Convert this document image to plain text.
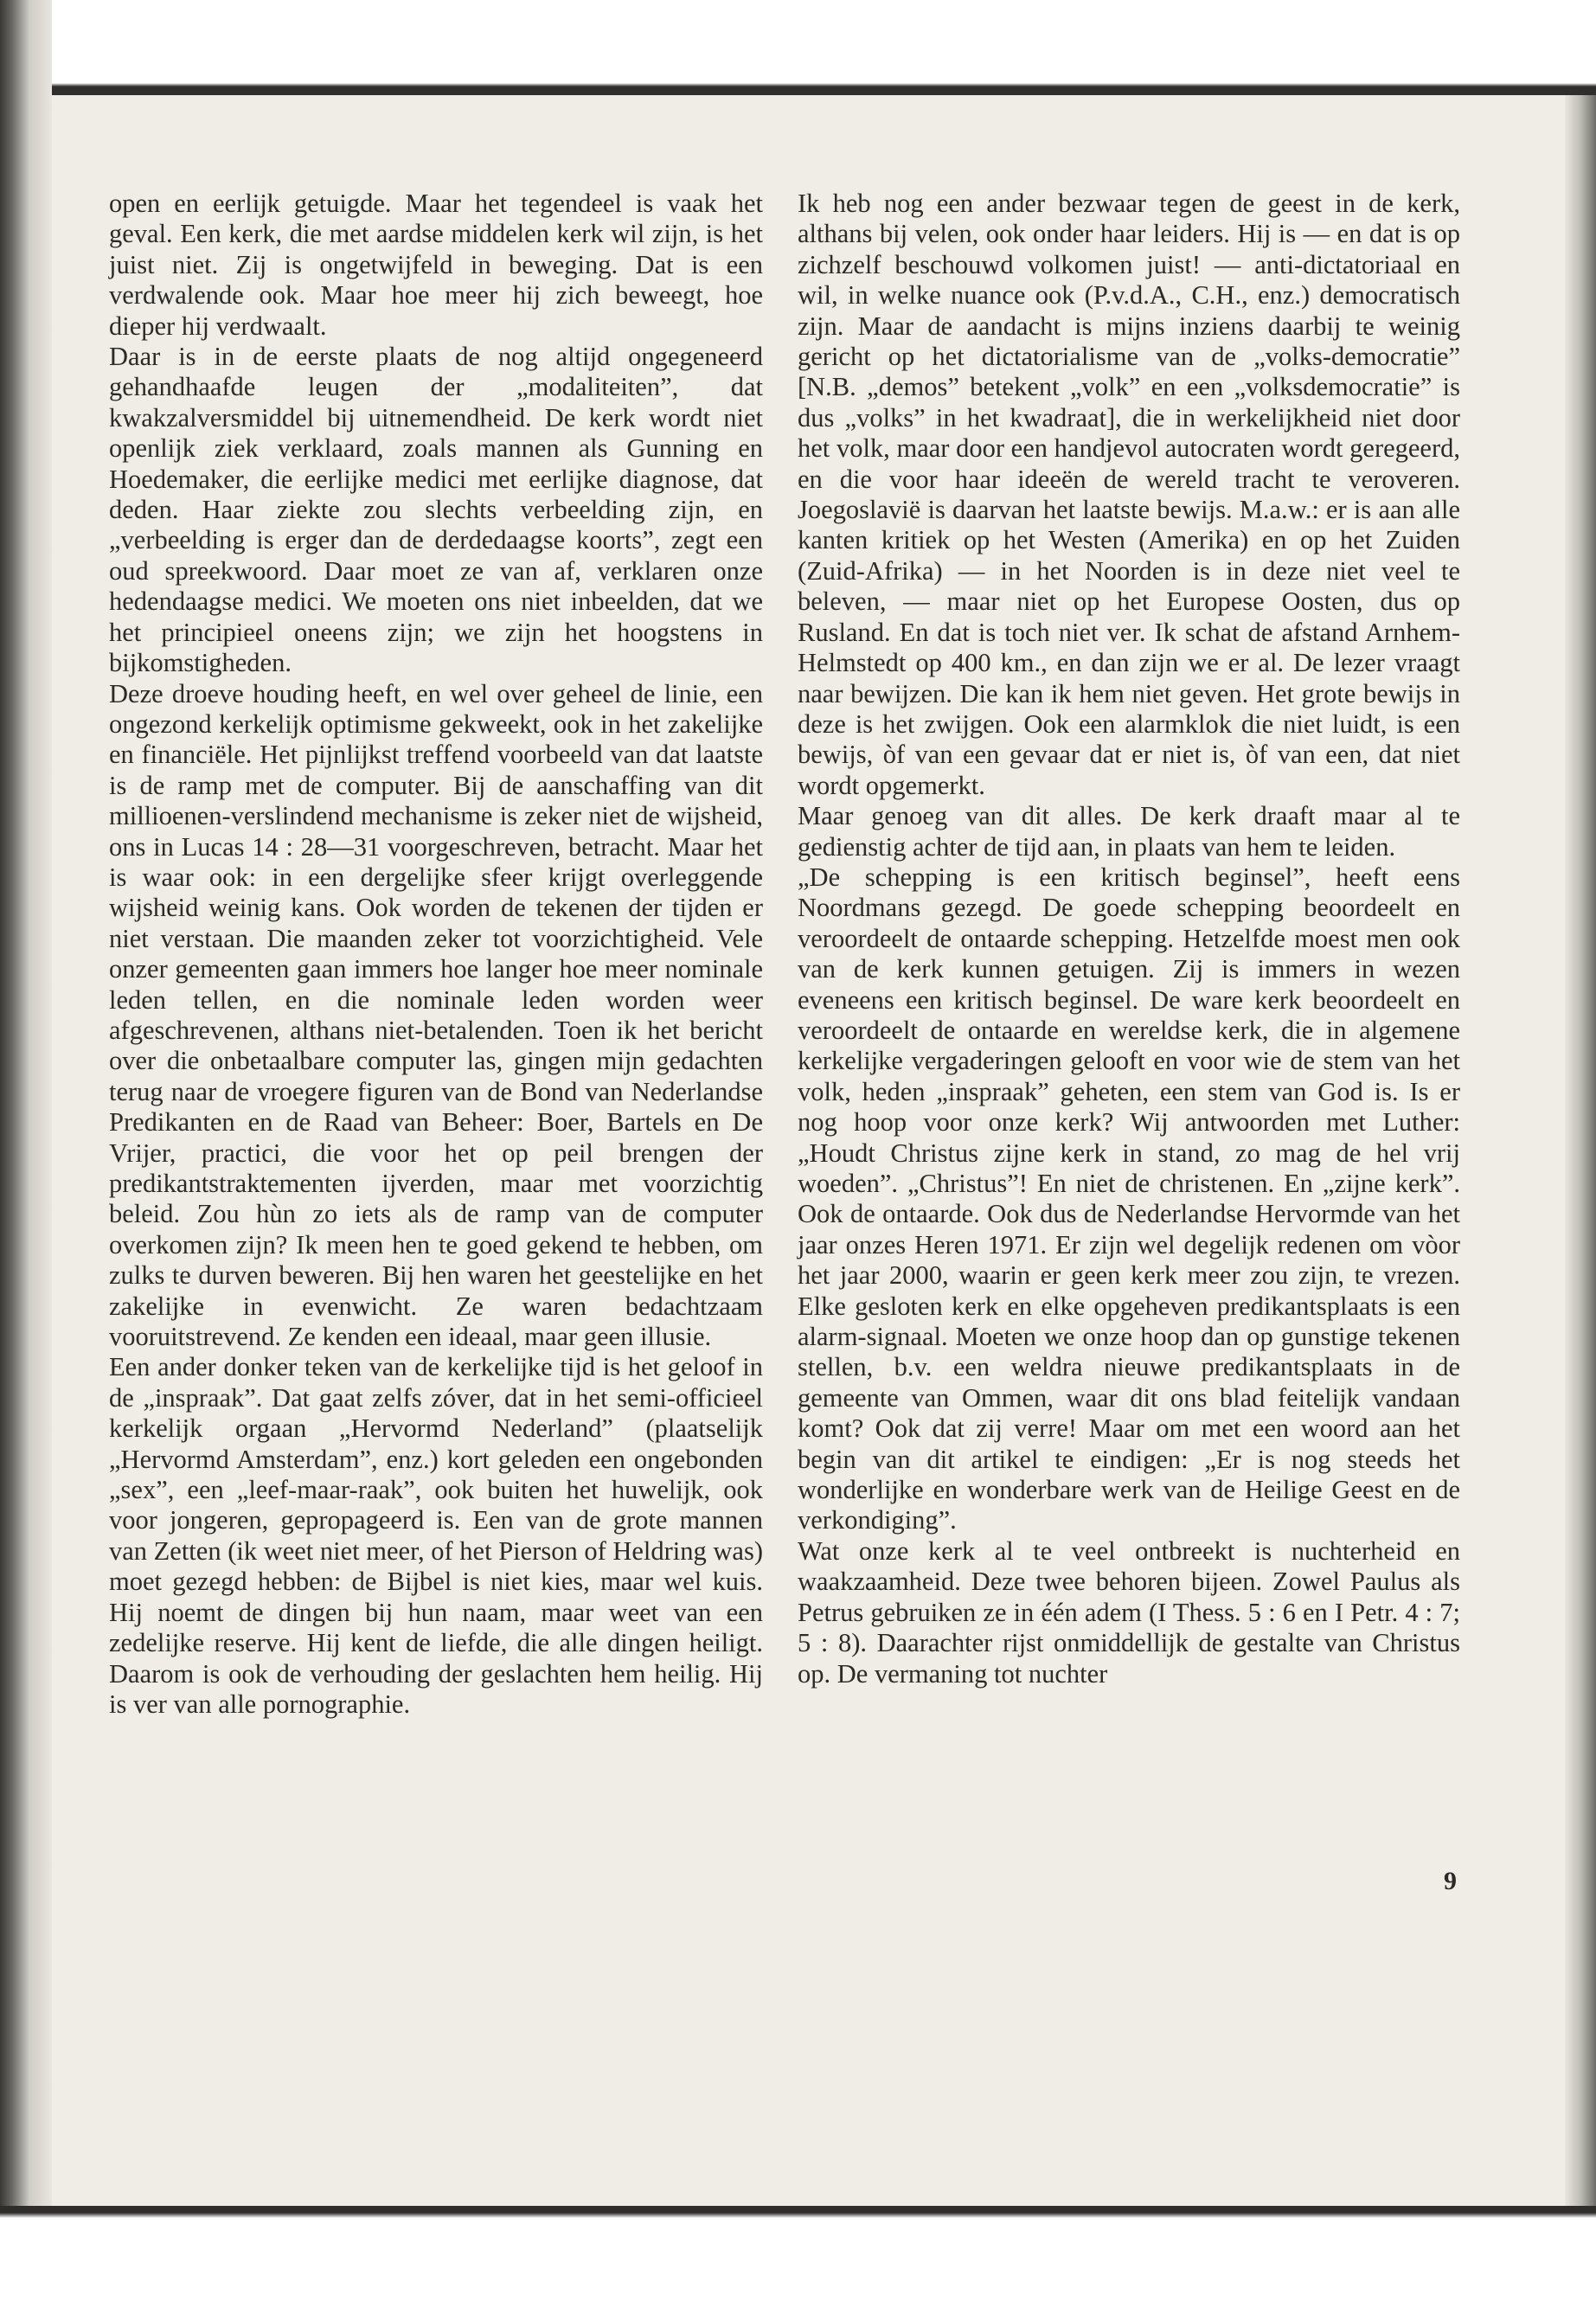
open en eerlijk getuigde. Maar het tegendeel is vaak het geval. Een kerk, die met aardse middelen kerk wil zijn, is het juist niet. Zij is ongetwijfeld in beweging. Dat is een verdwalende ook. Maar hoe meer hij zich beweegt, hoe dieper hij verdwaalt.

Daar is in de eerste plaats de nog altijd ongegeneerd gehandhaafde leugen der „modaliteiten”, dat kwakzalversmiddel bij uitnemendheid. De kerk wordt niet openlijk ziek verklaard, zoals mannen als Gunning en Hoedemaker, die eerlijke medici met eerlijke diagnose, dat deden. Haar ziekte zou slechts verbeelding zijn, en „verbeelding is erger dan de derdedaagse koorts”, zegt een oud spreekwoord. Daar moet ze van af, verklaren onze hedendaagse medici. We moeten ons niet inbeelden, dat we het principieel oneens zijn; we zijn het hoogstens in bijkomstigheden.

Deze droeve houding heeft, en wel over geheel de linie, een ongezond kerkelijk optimisme gekweekt, ook in het zakelijke en financiële. Het pijnlijkst treffend voorbeeld van dat laatste is de ramp met de computer. Bij de aanschaffing van dit millioenen-verslindend mechanisme is zeker niet de wijsheid, ons in Lucas 14 : 28—31 voorgeschreven, betracht. Maar het is waar ook: in een dergelijke sfeer krijgt overleggende wijsheid weinig kans. Ook worden de tekenen der tijden er niet verstaan. Die maanden zeker tot voorzichtigheid. Vele onzer gemeenten gaan immers hoe langer hoe meer nominale leden tellen, en die nominale leden worden weer afgeschrevenen, althans niet-betalenden. Toen ik het bericht over die onbetaalbare computer las, gingen mijn gedachten terug naar de vroegere figuren van de Bond van Nederlandse Predikanten en de Raad van Beheer: Boer, Bartels en De Vrijer, practici, die voor het op peil brengen der predikantstraktementen ijverden, maar met voorzichtig beleid. Zou hùn zo iets als de ramp van de computer overkomen zijn? Ik meen hen te goed gekend te hebben, om zulks te durven beweren. Bij hen waren het geestelijke en het zakelijke in evenwicht. Ze waren bedachtzaam vooruitstrevend. Ze kenden een ideaal, maar geen illusie.

Een ander donker teken van de kerkelijke tijd is het geloof in de „inspraak”. Dat gaat zelfs zóver, dat in het semi-officieel kerkelijk orgaan „Hervormd Nederland” (plaatselijk „Hervormd Amsterdam”, enz.) kort geleden een ongebonden „sex”, een „leef-maar-raak”, ook buiten het huwelijk, ook voor jongeren, gepropageerd is. Een van de grote mannen van Zetten (ik weet niet meer, of het Pierson of Heldring was) moet gezegd hebben: de Bijbel is niet kies, maar wel kuis. Hij noemt de dingen bij hun naam, maar weet van een zedelijke reserve. Hij kent de liefde, die alle dingen heiligt. Daarom is ook de verhouding der geslachten hem heilig. Hij is ver van alle pornographie.

Ik heb nog een ander bezwaar tegen de geest in de kerk, althans bij velen, ook onder haar leiders. Hij is — en dat is op zichzelf beschouwd volkomen juist! — anti-dictatoriaal en wil, in welke nuance ook (P.v.d.A., C.H., enz.) democratisch zijn. Maar de aandacht is mijns inziens daarbij te weinig gericht op het dictatorialisme van de „volks-democratie” [N.B. „demos” betekent „volk” en een „volksdemocratie” is dus „volks” in het kwadraat], die in werkelijkheid niet door het volk, maar door een handjevol autocraten wordt geregeerd, en die voor haar ideeën de wereld tracht te veroveren. Joegoslavië is daarvan het laatste bewijs. M.a.w.: er is aan alle kanten kritiek op het Westen (Amerika) en op het Zuiden (Zuid-Afrika) — in het Noorden is in deze niet veel te beleven, — maar niet op het Europese Oosten, dus op Rusland. En dat is toch niet ver. Ik schat de afstand Arnhem-Helmstedt op 400 km., en dan zijn we er al. De lezer vraagt naar bewijzen. Die kan ik hem niet geven. Het grote bewijs in deze is het zwijgen. Ook een alarmklok die niet luidt, is een bewijs, òf van een gevaar dat er niet is, òf van een, dat niet wordt opgemerkt.

Maar genoeg van dit alles. De kerk draaft maar al te gedienstig achter de tijd aan, in plaats van hem te leiden.

„De schepping is een kritisch beginsel”, heeft eens Noordmans gezegd. De goede schepping beoordeelt en veroordeelt de ontaarde schepping. Hetzelfde moest men ook van de kerk kunnen getuigen. Zij is immers in wezen eveneens een kritisch beginsel. De ware kerk beoordeelt en veroordeelt de ontaarde en wereldse kerk, die in algemene kerkelijke vergaderingen gelooft en voor wie de stem van het volk, heden „inspraak” geheten, een stem van God is. Is er nog hoop voor onze kerk? Wij antwoorden met Luther: „Houdt Christus zijne kerk in stand, zo mag de hel vrij woeden”. „Christus”! En niet de christenen. En „zijne kerk”. Ook de ontaarde. Ook dus de Nederlandse Hervormde van het jaar onzes Heren 1971. Er zijn wel degelijk redenen om vòor het jaar 2000, waarin er geen kerk meer zou zijn, te vrezen. Elke gesloten kerk en elke opgeheven predikantsplaats is een alarm-signaal. Moeten we onze hoop dan op gunstige tekenen stellen, b.v. een weldra nieuwe predikantsplaats in de gemeente van Ommen, waar dit ons blad feitelijk vandaan komt? Ook dat zij verre! Maar om met een woord aan het begin van dit artikel te eindigen: „Er is nog steeds het wonderlijke en wonderbare werk van de Heilige Geest en de verkondiging”.

Wat onze kerk al te veel ontbreekt is nuchterheid en waakzaamheid. Deze twee behoren bijeen. Zowel Paulus als Petrus gebruiken ze in één adem (I Thess. 5 : 6 en I Petr. 4 : 7; 5 : 8). Daarachter rijst onmiddellijk de gestalte van Christus op. De vermaning tot nuchter

9
